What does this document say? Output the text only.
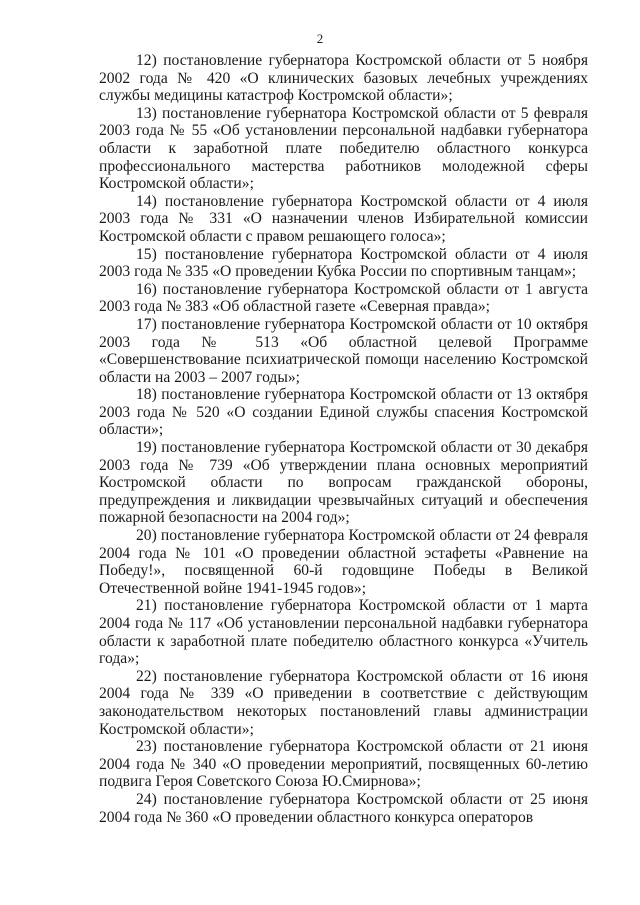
2

12) постановление губернатора Костромской области от 5 ноября 2002 года № 420 «О клинических базовых лечебных учреждениях службы медицины катастроф Костромской области»;

13) постановление губернатора Костромской области от 5 февраля 2003 года № 55 «Об установлении персональной надбавки губернатора области к заработной плате победителю областного конкурса профессионального мастерства работников молодежной сферы Костромской области»;

14) постановление губернатора Костромской области от 4 июля 2003 года № 331 «О назначении членов Избирательной комиссии Костромской области с правом решающего голоса»;

15) постановление губернатора Костромской области от 4 июля 2003 года № 335 «О проведении Кубка России по спортивным танцам»;

16) постановление губернатора Костромской области от 1 августа 2003 года № 383 «Об областной газете «Северная правда»;

17) постановление губернатора Костромской области от 10 октября 2003 года № 513 «Об областной целевой Программе «Совершенствование психиатрической помощи населению Костромской области на 2003 – 2007 годы»;

18) постановление губернатора Костромской области от 13 октября 2003 года № 520 «О создании Единой службы спасения Костромской области»;

19) постановление губернатора Костромской области от 30 декабря 2003 года № 739 «Об утверждении плана основных мероприятий Костромской области по вопросам гражданской обороны, предупреждения и ликвидации чрезвычайных ситуаций и обеспечения пожарной безопасности на 2004 год»;

20) постановление губернатора Костромской области от 24 февраля 2004 года № 101 «О проведении областной эстафеты «Равнение на Победу!», посвященной 60-й годовщине Победы в Великой Отечественной войне 1941-1945 годов»;

21) постановление губернатора Костромской области от 1 марта 2004 года № 117 «Об установлении персональной надбавки губернатора области к заработной плате победителю областного конкурса «Учитель года»;

22) постановление губернатора Костромской области от 16 июня 2004 года № 339 «О приведении в соответствие с действующим законодательством некоторых постановлений главы администрации Костромской области»;

23) постановление губернатора Костромской области от 21 июня 2004 года № 340 «О проведении мероприятий, посвященных 60-летию подвига Героя Советского Союза Ю.Смирнова»;

24) постановление губернатора Костромской области от 25 июня 2004 года № 360 «О проведении областного конкурса операторов
